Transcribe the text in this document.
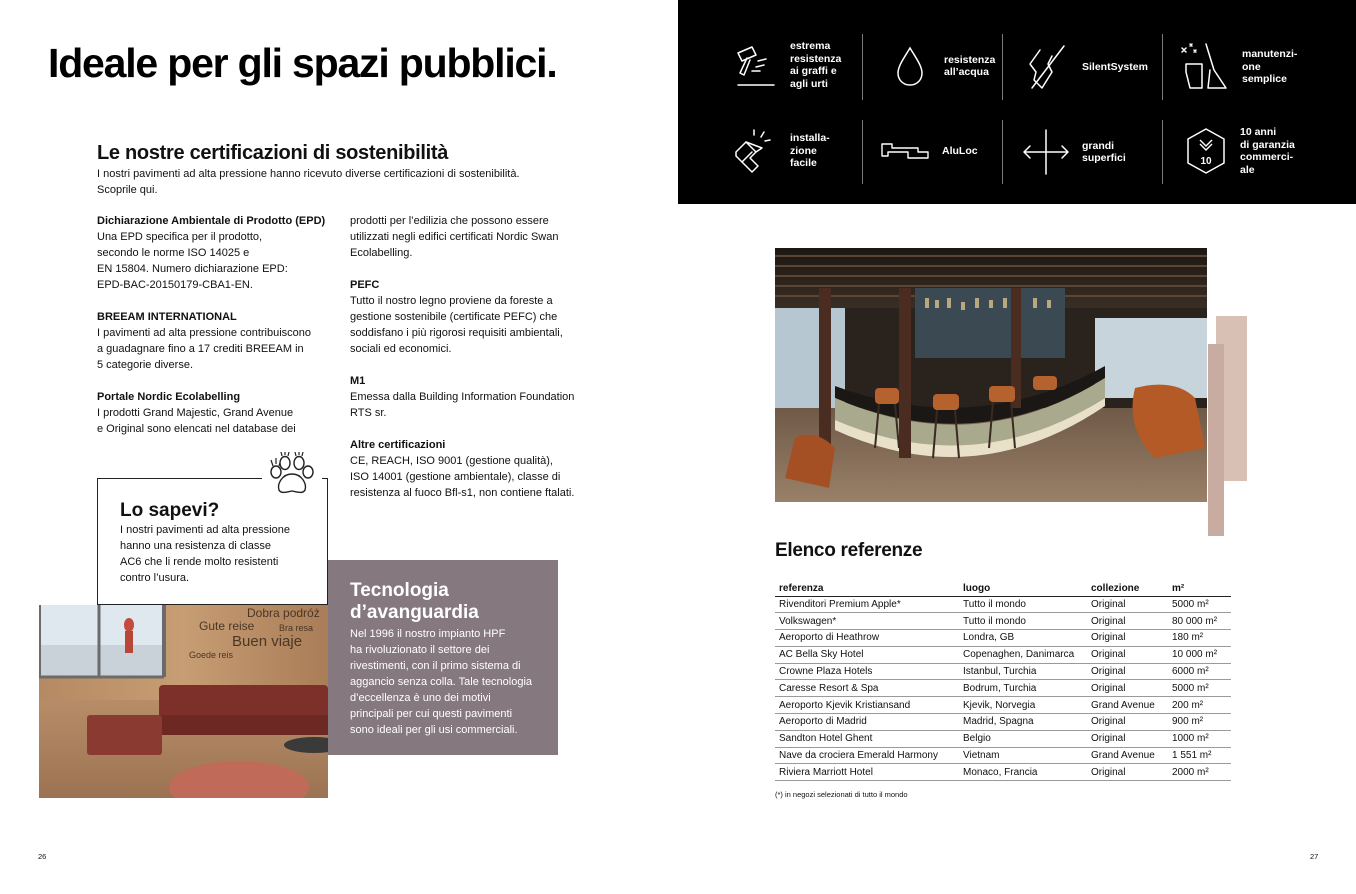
Ideale per gli spazi pubblici.
Le nostre certificazioni di sostenibilità
I nostri pavimenti ad alta pressione hanno ricevuto diverse certificazioni di sostenibilità.
Scoprile qui.

Dichiarazione Ambientale di Prodotto (EPD)
Una EPD specifica per il prodotto,
secondo le norme ISO 14025 e
EN 15804. Numero dichiarazione EPD:
EPD-BAC-20150179-CBA1-EN.

BREEAM INTERNATIONAL
I pavimenti ad alta pressione contribuiscono
a guadagnare fino a 17 crediti BREEAM in
5 categorie diverse.

Portale Nordic Ecolabelling
I prodotti Grand Majestic, Grand Avenue
e Original sono elencati nel database dei

prodotti per l’edilizia che possono essere
utilizzati negli edifici certificati Nordic Swan
Ecolabelling.

PEFC
Tutto il nostro legno proviene da foreste a
gestione sostenibile (certificate PEFC) che
soddisfano i più rigorosi requisiti ambientali,
sociali ed economici.

M1
Emessa dalla Building Information Foundation
RTS sr.

Altre certificazioni
CE, REACH, ISO 9001 (gestione qualità),
ISO 14001 (gestione ambientale), classe di
resistenza al fuoco Bfl-s1, non contiene ftalati.

Dobra podróż
Gute reise	Bra resa
Buen viaje
Goede reis
Lo sapevi?
I nostri pavimenti ad alta pressione
hanno una resistenza di classe
AC6 che li rende molto resistenti
contro l’usura.
Tecnologia
d’avanguardia
Nel 1996 il nostro impianto HPF
ha rivoluzionato il settore dei
rivestimenti, con il primo sistema di
aggancio senza colla. Tale tecnologia
d’eccellenza è uno dei motivi
principali per cui questi pavimenti
sono ideali per gli usi commerciali.
26
estrema
resistenza
ai graffi e
agli urti
resistenza
all’acqua	SilentSystem
manutenzi-
one
semplice
installa-
zione
facile
AluLoc	grandi
superfici	10
10 anni
di garanzia
commerci-
ale
Elenco referenze
referenza	luogo	collezione	m²
Rivenditori Premium Apple*	Tutto il mondo	Original	5000 m²
Volkswagen*	Tutto il mondo	Original	80 000 m²
Aeroporto di Heathrow	Londra, GB	Original	180 m²
AC Bella Sky Hotel	Copenaghen, Danimarca	Original	10 000 m²
Crowne Plaza Hotels	Istanbul, Turchia	Original	6000 m²
Caresse Resort & Spa	Bodrum, Turchia	Original	5000 m²
Aeroporto Kjevik Kristiansand	Kjevik, Norvegia	Grand Avenue	200 m²
Aeroporto di Madrid	Madrid, Spagna	Original	900 m²
Sandton Hotel Ghent	Belgio	Original	1000 m²
Nave da crociera Emerald Harmony	Vietnam	Grand Avenue	1 551 m²
Riviera Marriott Hotel	Monaco, Francia	Original	2000 m²
(*) in negozi selezionati di tutto il mondo
27
